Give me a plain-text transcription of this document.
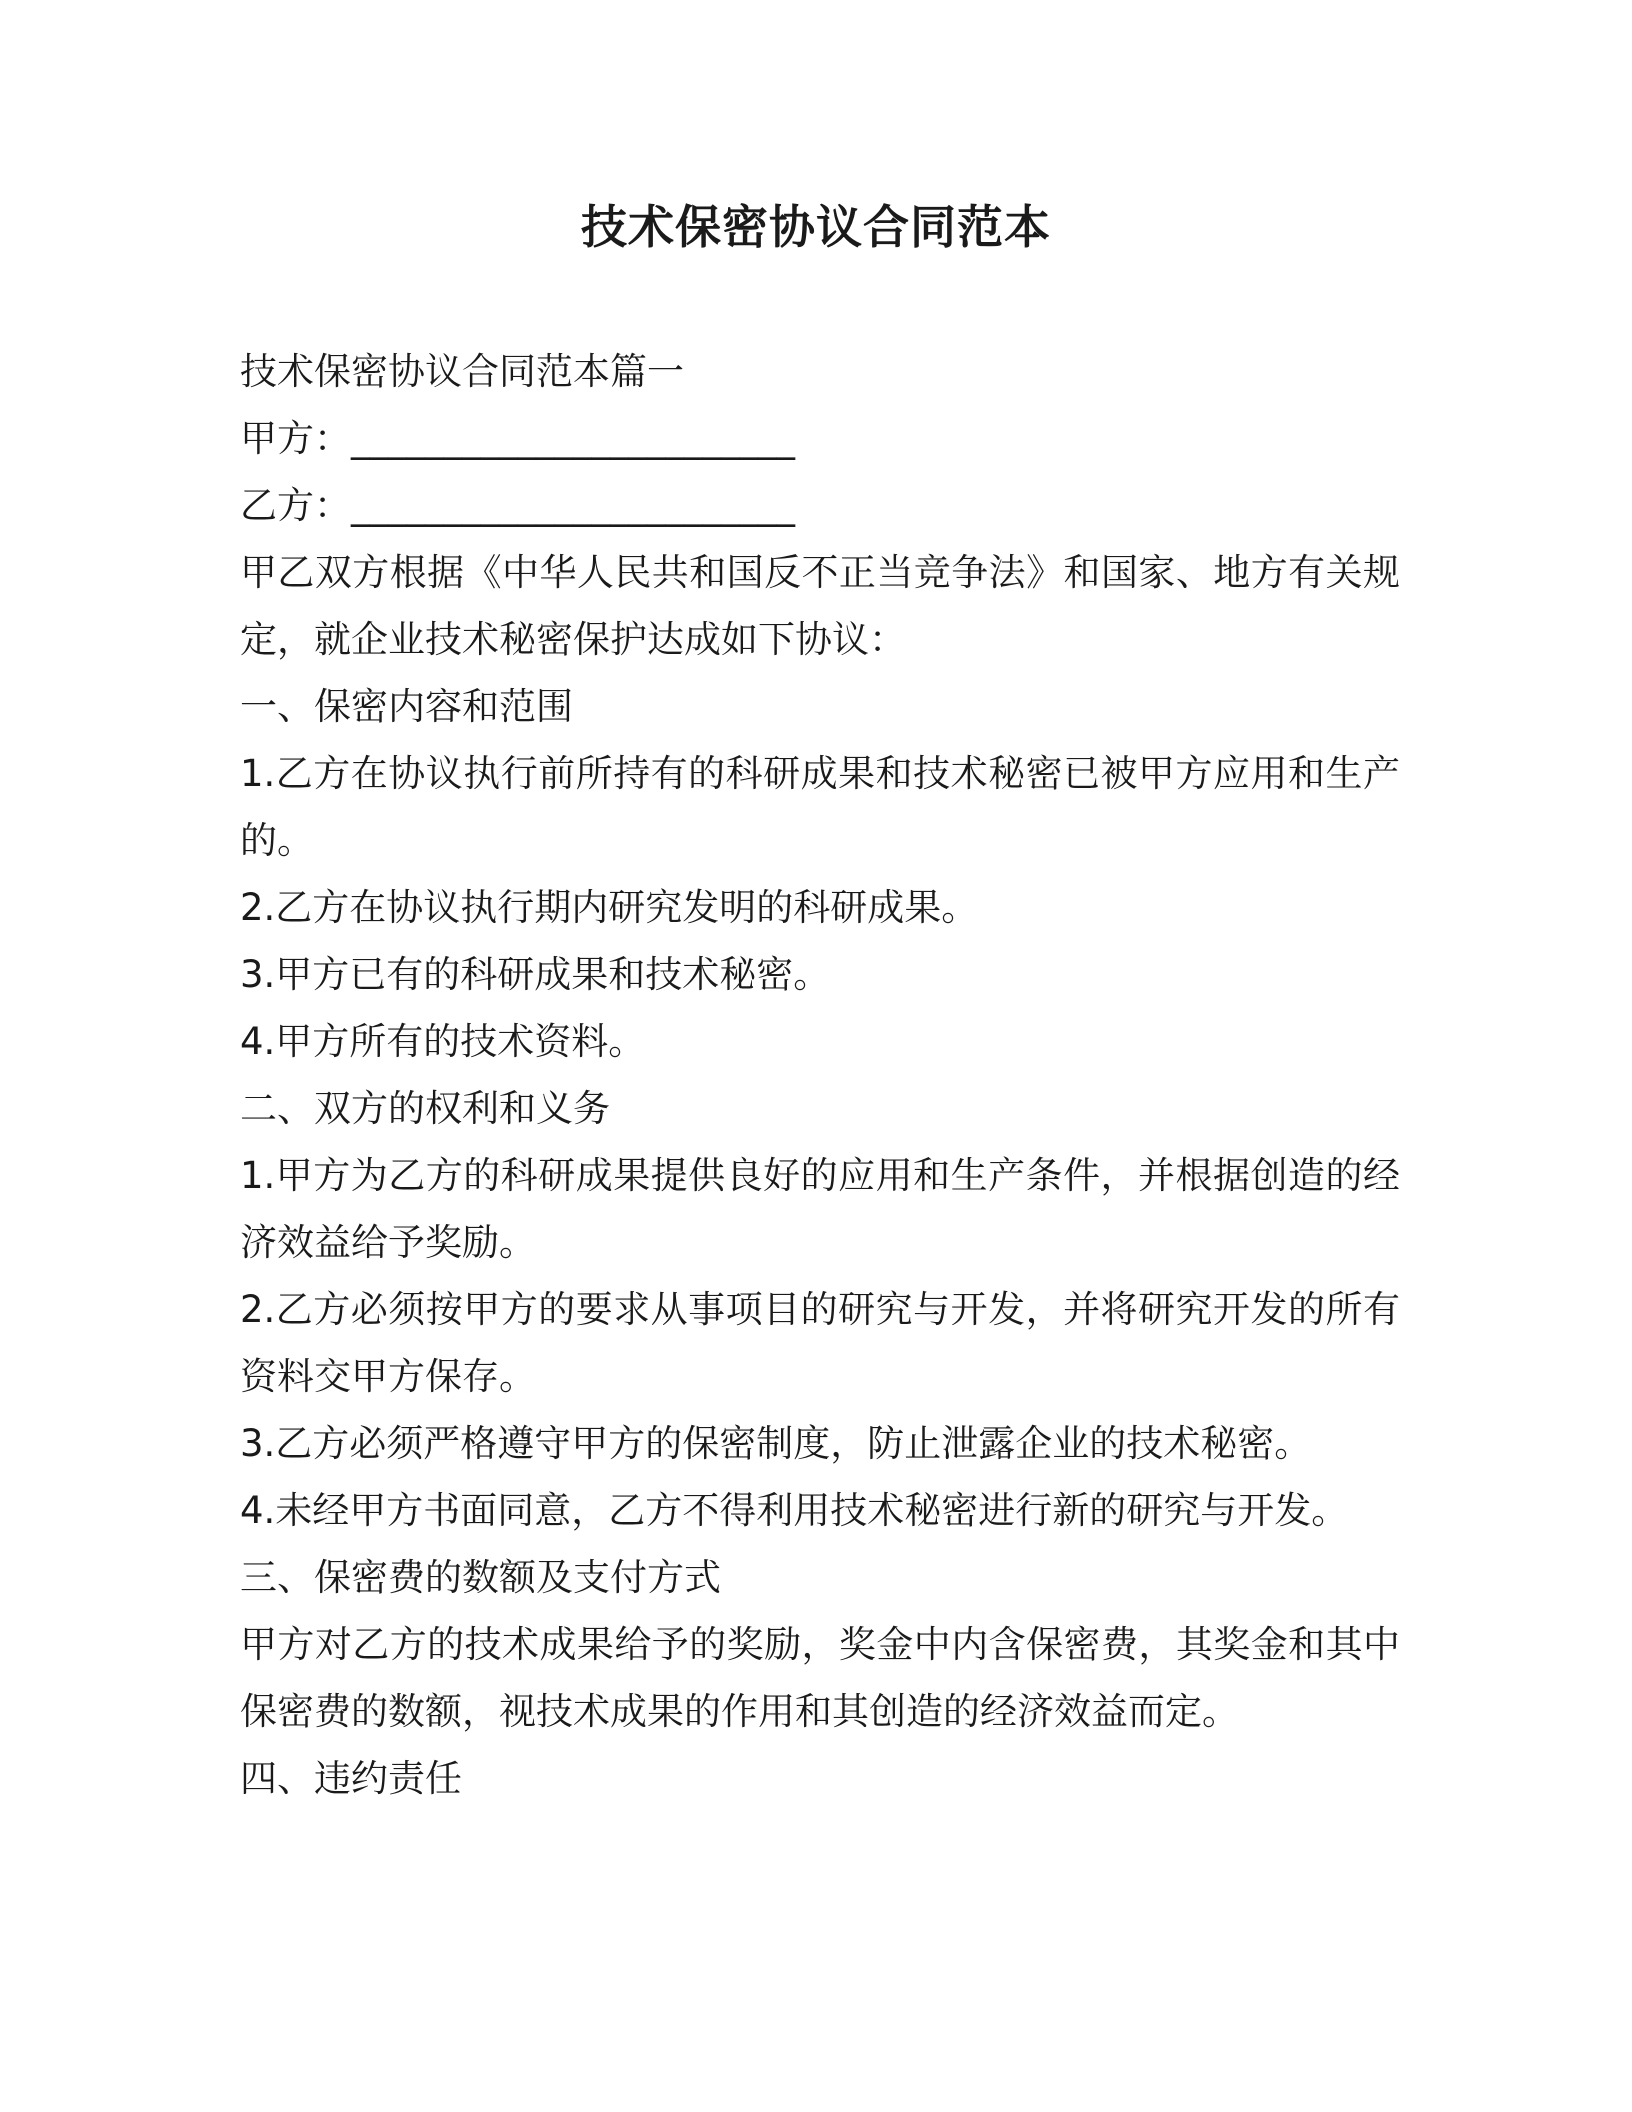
技术保密协议合同范本

技术保密协议合同范本篇一

甲方：________________________

乙方：________________________

甲乙双方根据《中华人民共和国反不正当竞争法》和国家、地方有关规定，就企业技术秘密保护达成如下协议：

一、保密内容和范围

1.乙方在协议执行前所持有的科研成果和技术秘密已被甲方应用和生产的。

2.乙方在协议执行期内研究发明的科研成果。

3.甲方已有的科研成果和技术秘密。

4.甲方所有的技术资料。

二、双方的权利和义务

1.甲方为乙方的科研成果提供良好的应用和生产条件，并根据创造的经济效益给予奖励。

2.乙方必须按甲方的要求从事项目的研究与开发，并将研究开发的所有资料交甲方保存。

3.乙方必须严格遵守甲方的保密制度，防止泄露企业的技术秘密。

4.未经甲方书面同意，乙方不得利用技术秘密进行新的研究与开发。

三、保密费的数额及支付方式

甲方对乙方的技术成果给予的奖励，奖金中内含保密费，其奖金和其中保密费的数额，视技术成果的作用和其创造的经济效益而定。

四、违约责任
